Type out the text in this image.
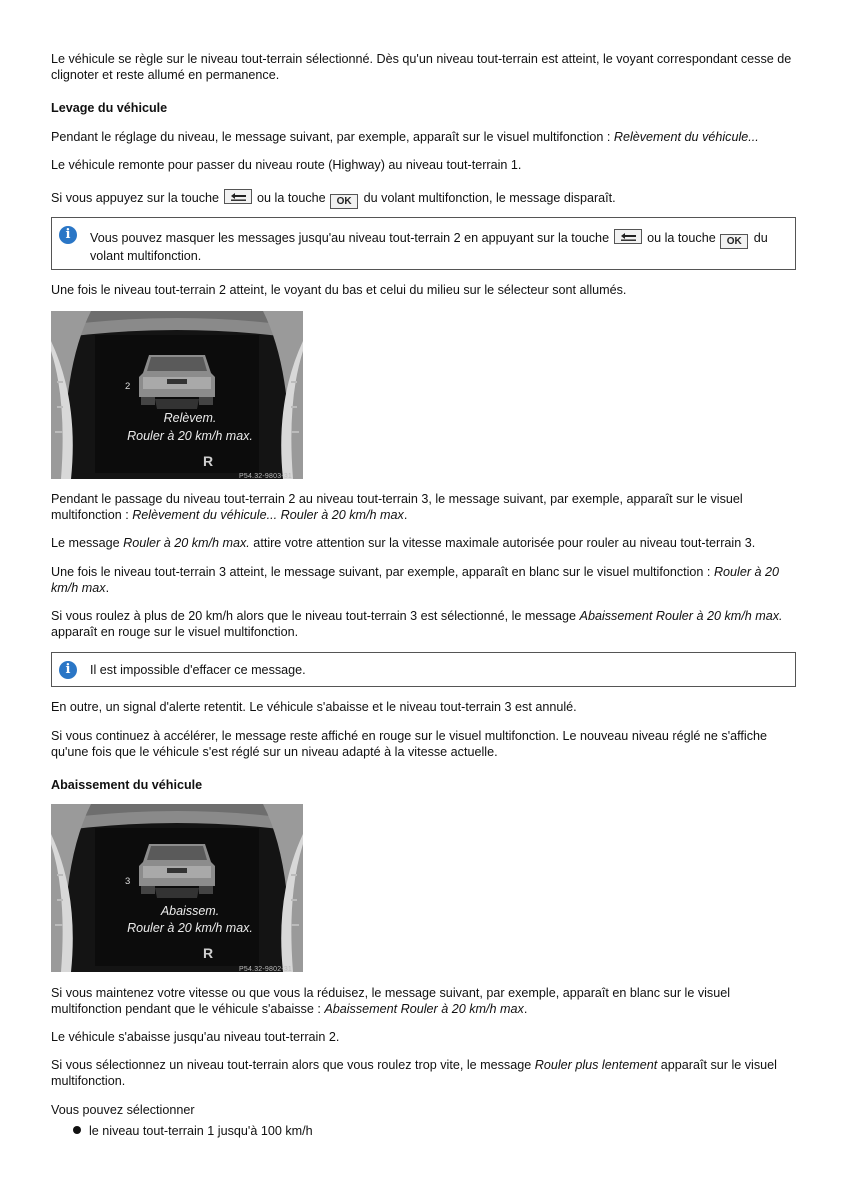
Le véhicule se règle sur le niveau tout-terrain sélectionné. Dès qu'un niveau tout-terrain est atteint, le voyant correspondant cesse de clignoter et reste allumé en permanence.

Levage du véhicule

Pendant le réglage du niveau, le message suivant, par exemple, apparaît sur le visuel multifonction : Relèvement du véhicule...

Le véhicule remonte pour passer du niveau route (Highway) au niveau tout-terrain 1.

Si vous appuyez sur la touche
ou la touche OK du volant multifonction, le message disparaît.

i	Vous pouvez masquer les messages jusqu'au niveau tout-terrain 2 en appuyant sur la touche
ou la touche OK du volant multifonction.

Une fois le niveau tout-terrain 2 atteint, le voyant du bas et celui du milieu sur le sélecteur sont allumés.

2
Relèvem.
Rouler à 20 km/h max.
R
P54.32-9803-31

Pendant le passage du niveau tout-terrain 2 au niveau tout-terrain 3, le message suivant, par exemple, apparaît sur le visuel multifonction : Relèvement du véhicule... Rouler à 20 km/h max.

Le message Rouler à 20 km/h max. attire votre attention sur la vitesse maximale autorisée pour rouler au niveau tout-terrain 3.

Une fois le niveau tout-terrain 3 atteint, le message suivant, par exemple, apparaît en blanc sur le visuel multifonction : Rouler à 20 km/h max.

Si vous roulez à plus de 20 km/h alors que le niveau tout-terrain 3 est sélectionné, le message Abaissement Rouler à 20 km/h max. apparaît en rouge sur le visuel multifonction.

i	Il est impossible d'effacer ce message.

En outre, un signal d'alerte retentit. Le véhicule s'abaisse et le niveau tout-terrain 3 est annulé.

Si vous continuez à accélérer, le message reste affiché en rouge sur le visuel multifonction. Le nouveau niveau réglé ne s'affiche qu'une fois que le véhicule s'est réglé sur un niveau adapté à la vitesse actuelle.

Abaissement du véhicule

3
Abaissem.
Rouler à 20 km/h max.
R
P54.32-9802-31

Si vous maintenez votre vitesse ou que vous la réduisez, le message suivant, par exemple, apparaît en blanc sur le visuel multifonction pendant que le véhicule s'abaisse : Abaissement Rouler à 20 km/h max.

Le véhicule s'abaisse jusqu'au niveau tout-terrain 2.

Si vous sélectionnez un niveau tout-terrain alors que vous roulez trop vite, le message Rouler plus lentement apparaît sur le visuel multifonction.

Vous pouvez sélectionner

le niveau tout-terrain 1 jusqu'à 100 km/h
